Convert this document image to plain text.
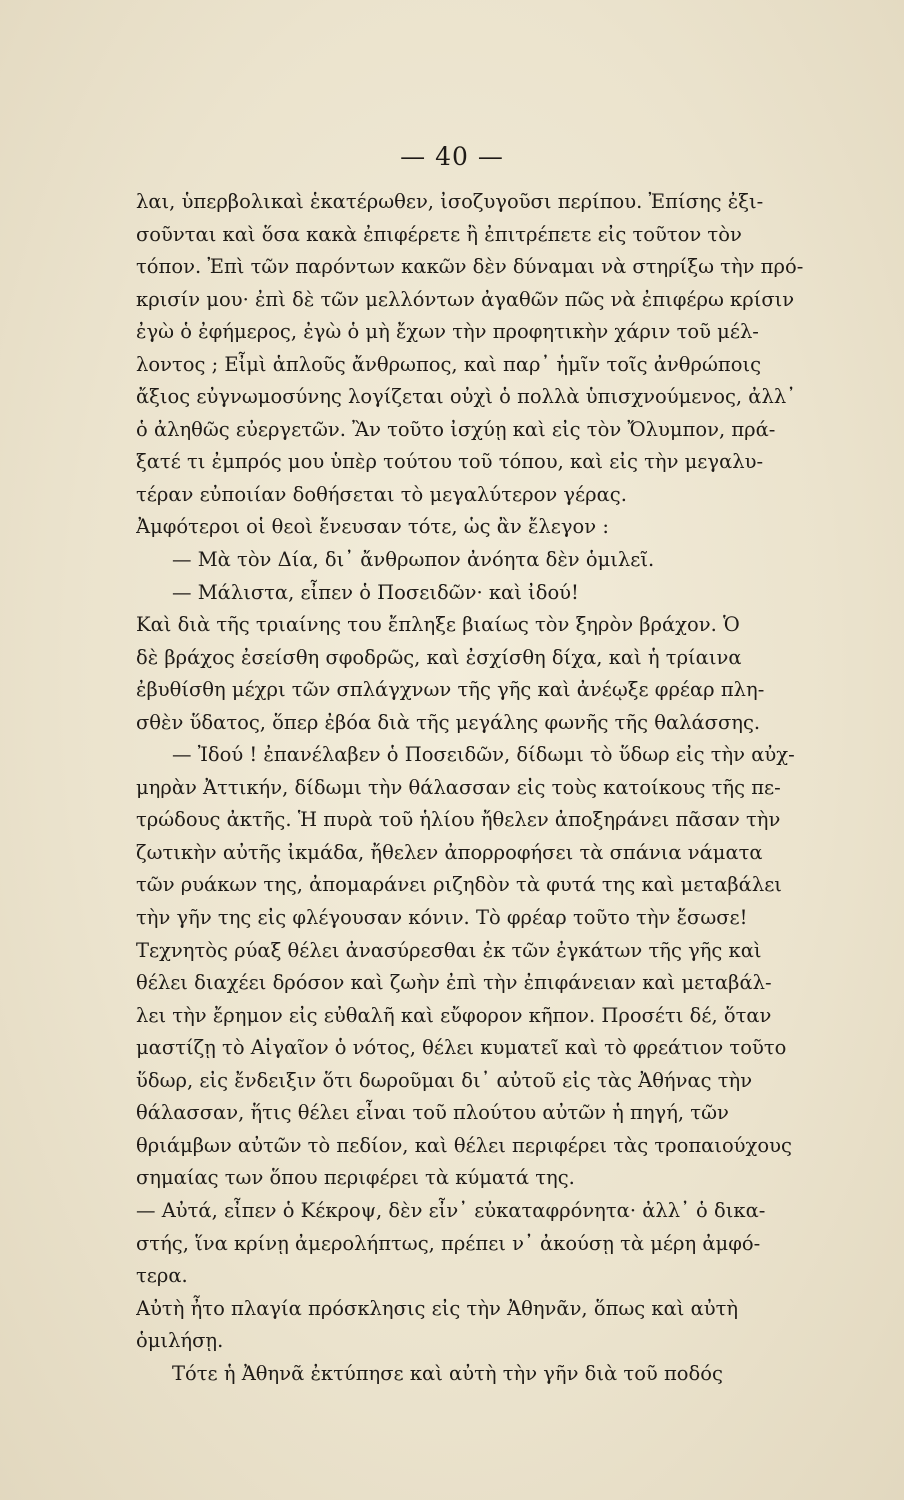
— 40 —
λαι, ὑπερβολικαὶ ἑκατέρωθεν, ἰσοζυγοῦσι περίπου. Ἐπίσης ἐξι-
σοῦνται καὶ ὅσα κακὰ ἐπιφέρετε ἢ ἐπιτρέπετε εἰς τοῦτον τὸν
τόπον. Ἐπὶ τῶν παρόντων κακῶν δὲν δύναμαι νὰ στηρίξω τὴν πρό-
κρισίν μου· ἐπὶ δὲ τῶν μελλόντων ἀγαθῶν πῶς νὰ ἐπιφέρω κρίσιν
ἐγὼ ὁ ἐφήμερος, ἐγὼ ὁ μὴ ἔχων τὴν προφητικὴν χάριν τοῦ μέλ-
λοντος ; Εἶμὶ ἁπλοῦς ἄνθρωπος, καὶ παρ᾽ ἡμῖν τοῖς ἀνθρώποις
ἄξιος εὐγνωμοσύνης λογίζεται οὐχὶ ὁ πολλὰ ὑπισχνούμενος, ἀλλ᾽
ὁ ἀληθῶς εὐεργετῶν. Ἂν τοῦτο ἰσχύῃ καὶ εἰς τὸν Ὄλυμπον, πρά-
ξατέ τι ἐμπρός μου ὑπὲρ τούτου τοῦ τόπου, καὶ εἰς τὴν μεγαλυ-
τέραν εὐποιίαν δοθήσεται τὸ μεγαλύτερον γέρας.
Ἀμφότεροι οἱ θεοὶ ἔνευσαν τότε, ὡς ἂν ἔλεγον :
— Μὰ τὸν Δία, δι᾽ ἄνθρωπον ἀνόητα δὲν ὁμιλεῖ.
— Μάλιστα, εἶπεν ὁ Ποσειδῶν· καὶ ἰδού!
Καὶ διὰ τῆς τριαίνης του ἔπληξε βιαίως τὸν ξηρὸν βράχον. Ὁ
δὲ βράχος ἐσείσθη σφοδρῶς, καὶ ἐσχίσθη δίχα, καὶ ἡ τρίαινα
ἐβυθίσθη μέχρι τῶν σπλάγχνων τῆς γῆς καὶ ἀνέῳξε φρέαρ πλη-
σθὲν ὕδατος, ὅπερ ἐβόα διὰ τῆς μεγάλης φωνῆς τῆς θαλάσσης.
— Ἰδού ! ἐπανέλαβεν ὁ Ποσειδῶν, δίδωμι τὸ ὕδωρ εἰς τὴν αὐχ-
μηρὰν Ἀττικήν, δίδωμι τὴν θάλασσαν εἰς τοὺς κατοίκους τῆς πε-
τρώδους ἀκτῆς. Ἡ πυρὰ τοῦ ἡλίου ἤθελεν ἀποξηράνει πᾶσαν τὴν
ζωτικὴν αὐτῆς ἰκμάδα, ἤθελεν ἀπορροφήσει τὰ σπάνια νάματα
τῶν ρυάκων της, ἀπομαράνει ριζηδὸν τὰ φυτά της καὶ μεταβάλει
τὴν γῆν της εἰς φλέγουσαν κόνιν. Τὸ φρέαρ τοῦτο τὴν ἔσωσε!
Τεχνητὸς ρύαξ θέλει ἀνασύρεσθαι ἐκ τῶν ἐγκάτων τῆς γῆς καὶ
θέλει διαχέει δρόσον καὶ ζωὴν ἐπὶ τὴν ἐπιφάνειαν καὶ μεταβάλ-
λει τὴν ἔρημον εἰς εὐθαλῆ καὶ εὔφορον κῆπον. Προσέτι δέ, ὅταν
μαστίζῃ τὸ Αἰγαῖον ὁ νότος, θέλει κυματεῖ καὶ τὸ φρεάτιον τοῦτο
ὕδωρ, εἰς ἔνδειξιν ὅτι δωροῦμαι δι᾽ αὐτοῦ εἰς τὰς Ἀθήνας τὴν
θάλασσαν, ἥτις θέλει εἶναι τοῦ πλούτου αὐτῶν ἡ πηγή, τῶν
θριάμβων αὐτῶν τὸ πεδίον, καὶ θέλει περιφέρει τὰς τροπαιούχους
σημαίας των ὅπου περιφέρει τὰ κύματά της.
— Αὐτά, εἶπεν ὁ Κέκροψ, δὲν εἶν᾽ εὐκαταφρόνητα· ἀλλ᾽ ὁ δικα-
στής, ἵνα κρίνῃ ἀμερολήπτως, πρέπει ν᾽ ἀκούσῃ τὰ μέρη ἀμφό-
τερα.
Αὐτὴ ἦτο πλαγία πρόσκλησις εἰς τὴν Ἀθηνᾶν, ὅπως καὶ αὐτὴ
ὁμιλήσῃ.
Τότε ἡ Ἀθηνᾶ ἐκτύπησε καὶ αὐτὴ τὴν γῆν διὰ τοῦ ποδός
